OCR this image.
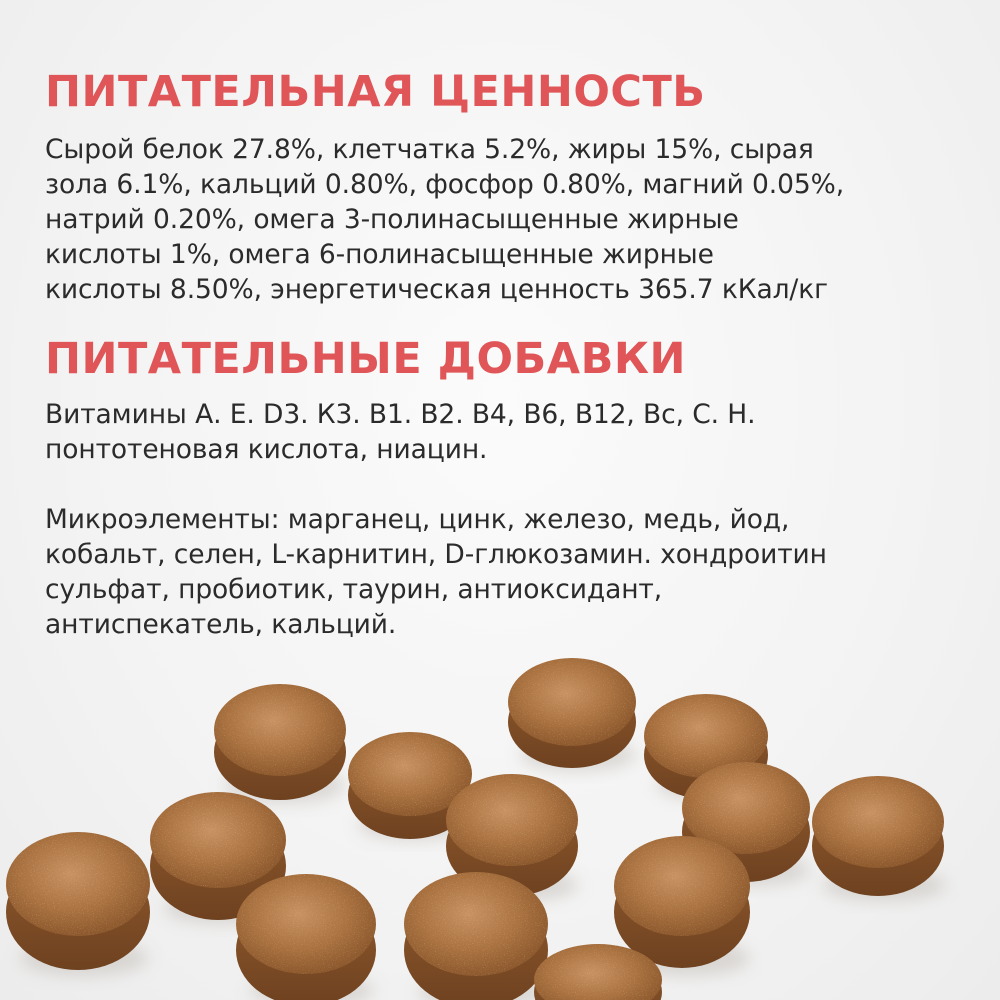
ПИТАТЕЛЬНАЯ ЦЕННОСТЬ

Сырой белок 27.8%, клетчатка 5.2%, жиры 15%, сырая
зола 6.1%, кальций 0.80%, фосфор 0.80%, магний 0.05%,
натрий 0.20%, омега 3-полинасыщенные жирные
кислоты 1%, омега 6-полинасыщенные жирные
кислоты 8.50%, энергетическая ценность 365.7 кКал/кг

ПИТАТЕЛЬНЫЕ ДОБАВКИ

Витамины А. Е. D3. К3. В1. В2. В4, В6, В12, Вс, С. Н.
понтотеновая кислота, ниацин.

Микроэлементы: марганец, цинк, железо, медь, йод,
кобальт, селен, L-карнитин, D-глюкозамин. хондроитин
сульфат, пробиотик, таурин, антиоксидант,
антиспекатель, кальций.
